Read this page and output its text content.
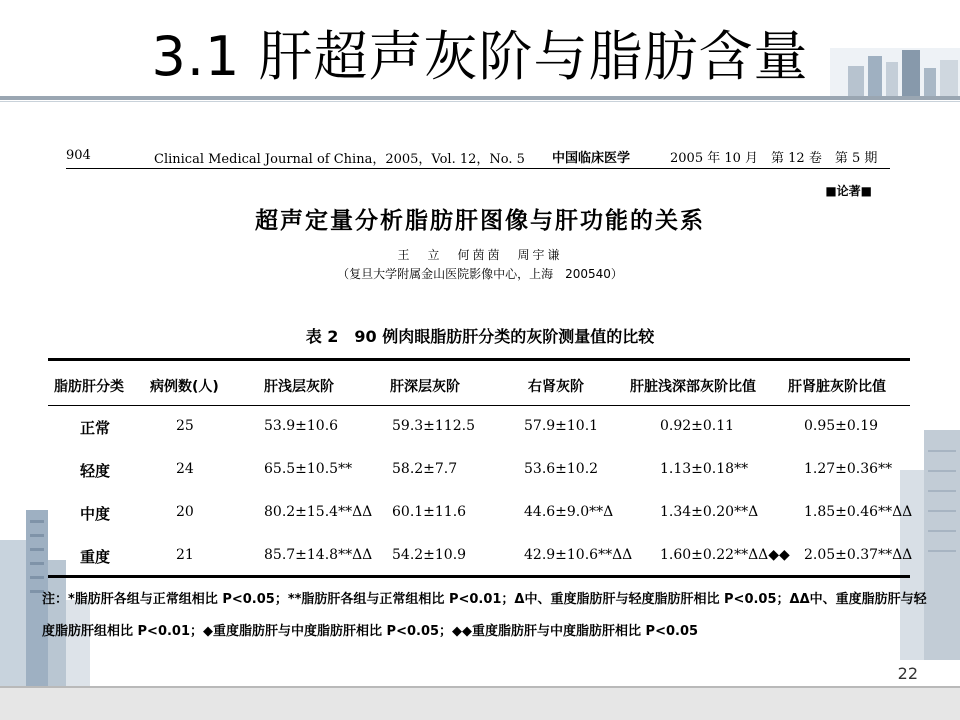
3.1 肝超声灰阶与脂肪含量
904	Clinical Medical Journal of China，2005，Vol. 12，No. 5 中国临床医学	2005 年 10 月　第 12 卷　第 5 期
■论著■
超声定量分析脂肪肝图像与肝功能的关系
王　立　何茵茵　周宇谦
（复旦大学附属金山医院影像中心，上海　200540）
表 2　90 例肉眼脂肪肝分类的灰阶测量值的比较
脂肪肝分类 病例数(人)	肝浅层灰阶	肝深层灰阶	右肾灰阶	肝脏浅深部灰阶比值 肝肾脏灰阶比值
正常	25	53.9±10.6	59.3±112.5	57.9±10.1	0.92±0.11	0.95±0.19
轻度	24	65.5±10.5**	58.2±7.7	53.6±10.2	1.13±0.18**	1.27±0.36**
中度	20	80.2±15.4**ΔΔ 60.1±11.6	44.6±9.0**Δ	1.34±0.20**Δ	1.85±0.46**ΔΔ
重度	21	85.7±14.8**ΔΔ 54.2±10.9	42.9±10.6**ΔΔ 1.60±0.22**ΔΔ◆◆ 2.05±0.37**ΔΔ
注：*脂肪肝各组与正常组相比 P<0.05；**脂肪肝各组与正常组相比 P<0.01；Δ中、重度脂肪肝与轻度脂肪肝相比 P<0.05；ΔΔ中、重度脂肪肝与轻
度脂肪肝组相比 P<0.01；◆重度脂肪肝与中度脂肪肝相比 P<0.05；◆◆重度脂肪肝与中度脂肪肝相比 P<0.05
22
